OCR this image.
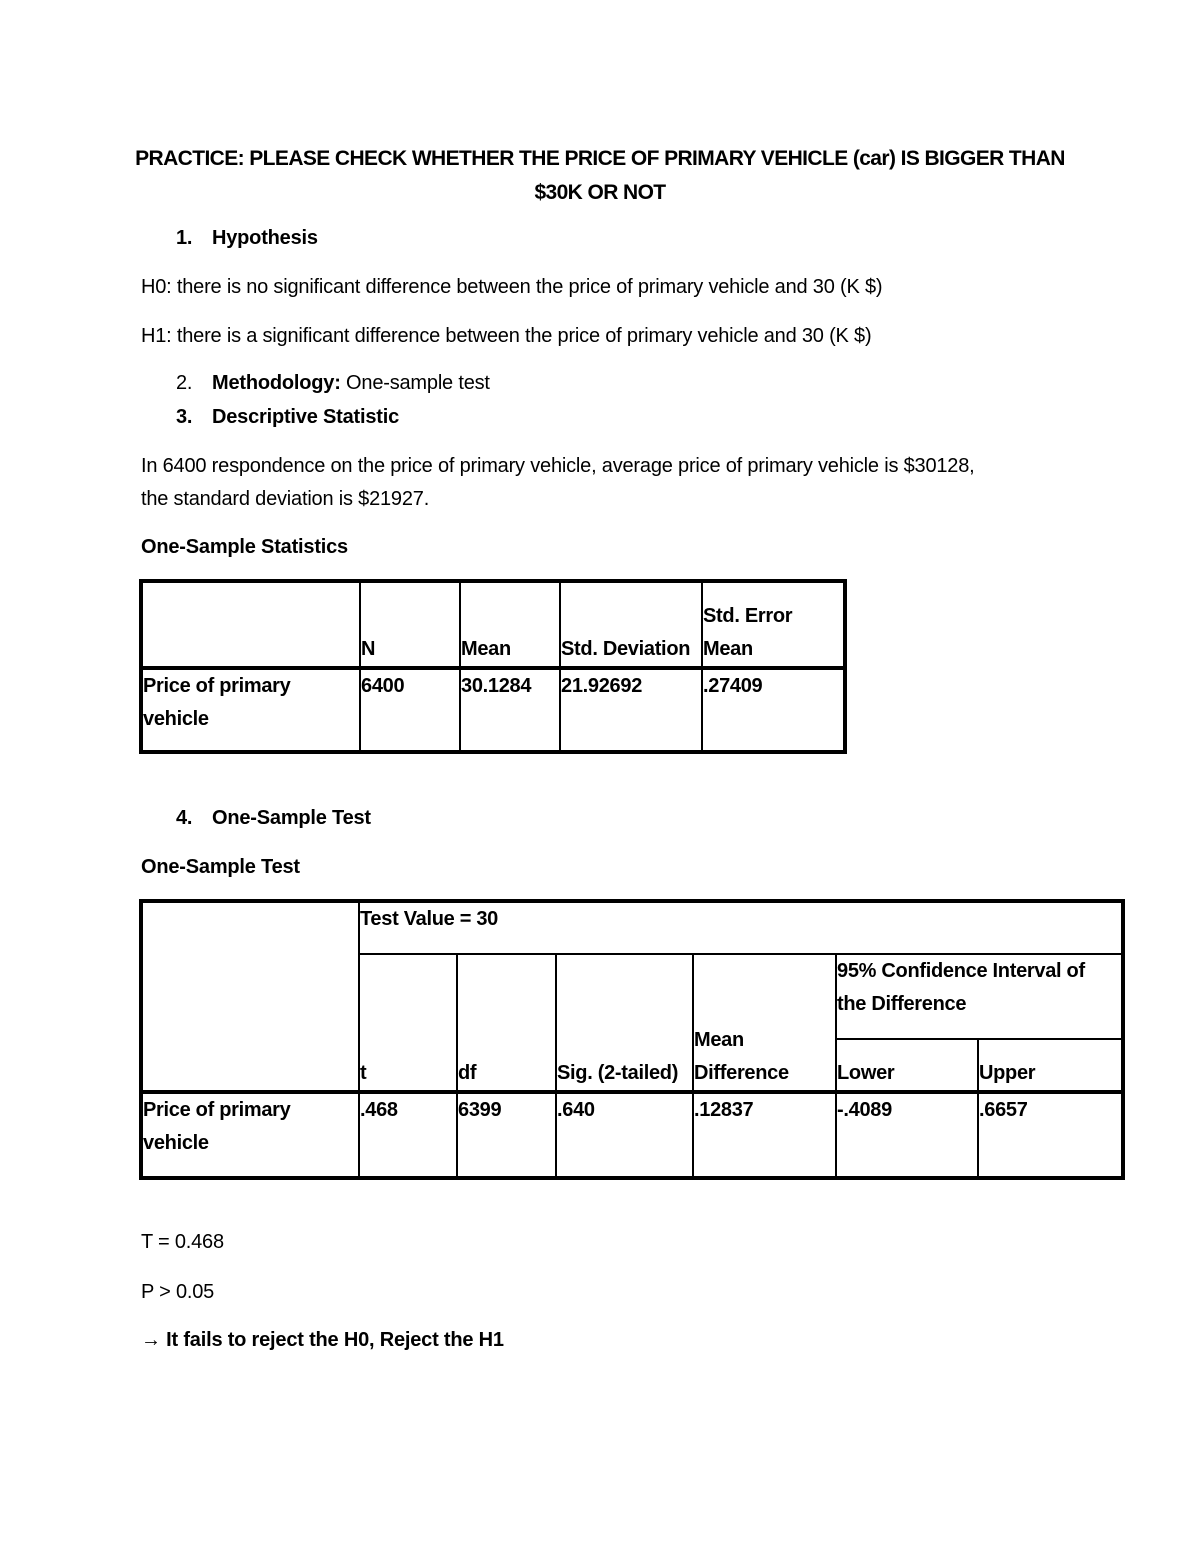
PRACTICE: PLEASE CHECK WHETHER THE PRICE OF PRIMARY VEHICLE (car) IS BIGGER THAN
$30K OR NOT
1. Hypothesis
H0: there is no significant difference between the price of primary vehicle and 30 (K $)
H1: there is a significant difference between the price of primary vehicle and 30 (K $)
2. Methodology: One-sample test
3. Descriptive Statistic
In 6400 respondence on the price of primary vehicle, average price of primary vehicle is $30128,
the standard deviation is $21927.
One-Sample Statistics
	N	Mean	Std. Deviation	Std. Error Mean

Price of primary vehicle	6400	30.1284	21.92692	.27409
4. One-Sample Test
One-Sample Test
	Test Value = 30					
	t	df	Sig. (2-tailed)	Mean Difference	95% Confidence Interval of the Difference	

					Lower	Upper

Price of primary vehicle	.468	6399	.640	.12837	-.4089	.6657
T = 0.468
P > 0.05
→ It fails to reject the H0, Reject the H1
